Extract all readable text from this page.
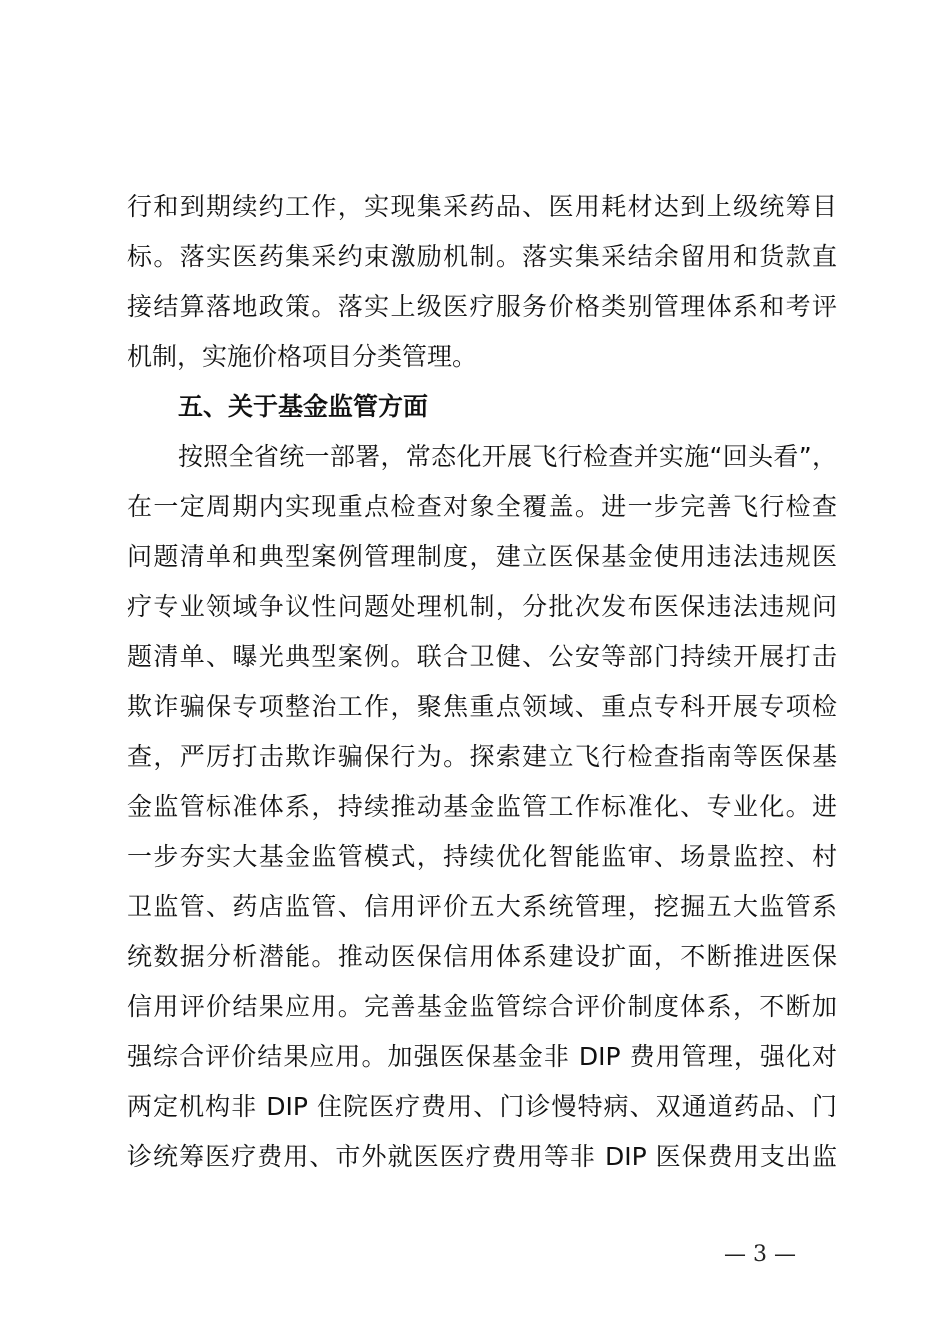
行和到期续约工作，实现集采药品、医用耗材达到上级统筹目
标。落实医药集采约束激励机制。落实集采结余留用和货款直
接结算落地政策。落实上级医疗服务价格类别管理体系和考评
机制，实施价格项目分类管理。
五、关于基金监管方面
按照全省统一部署，常态化开展飞行检查并实施“回头看”，
在一定周期内实现重点检查对象全覆盖。进一步完善飞行检查
问题清单和典型案例管理制度，建立医保基金使用违法违规医
疗专业领域争议性问题处理机制，分批次发布医保违法违规问
题清单、曝光典型案例。联合卫健、公安等部门持续开展打击
欺诈骗保专项整治工作，聚焦重点领域、重点专科开展专项检
查，严厉打击欺诈骗保行为。探索建立飞行检查指南等医保基
金监管标准体系，持续推动基金监管工作标准化、专业化。进
一步夯实大基金监管模式，持续优化智能监审、场景监控、村
卫监管、药店监管、信用评价五大系统管理，挖掘五大监管系
统数据分析潜能。推动医保信用体系建设扩面，不断推进医保
信用评价结果应用。完善基金监管综合评价制度体系，不断加
强综合评价结果应用。加强医保基金非 DIP 费用管理，强化对
两定机构非 DIP 住院医疗费用、门诊慢特病、双通道药品、门
诊统筹医疗费用、市外就医医疗费用等非 DIP 医保费用支出监
— 3 —
